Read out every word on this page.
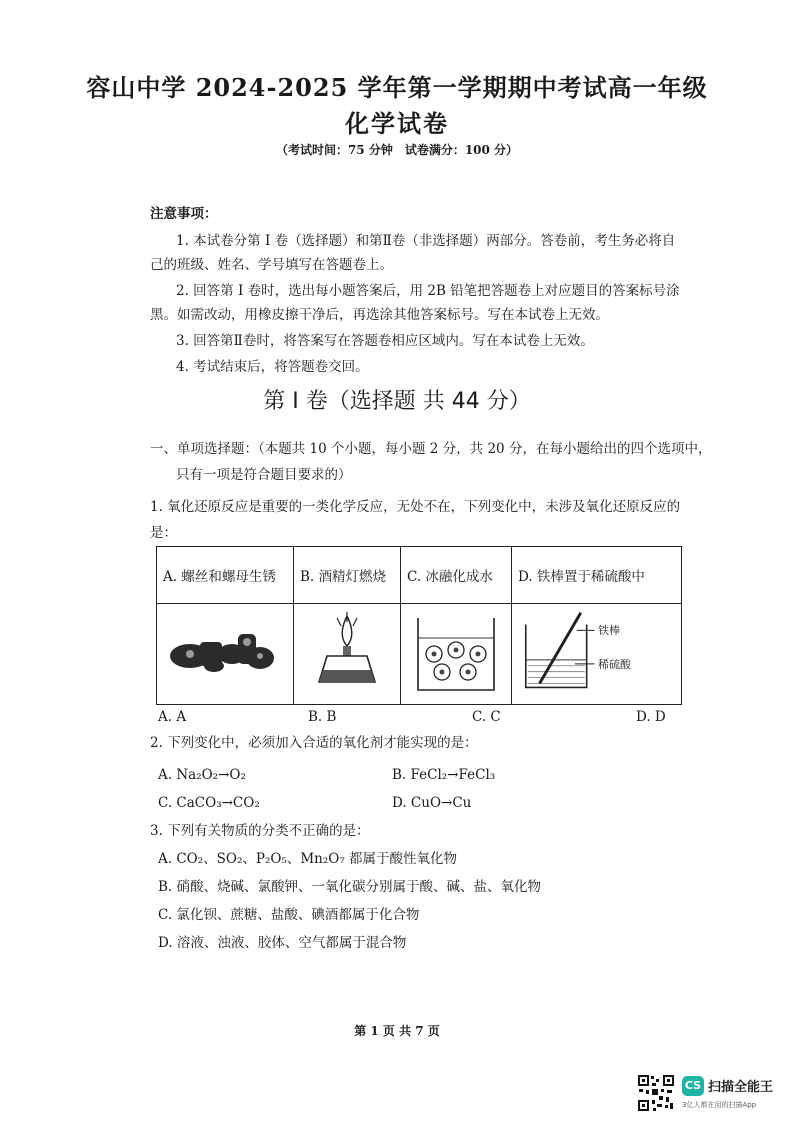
容山中学 2024-2025 学年第一学期期中考试高一年级
化学试卷
（考试时间：75 分钟　试卷满分：100 分）
注意事项：
1. 本试卷分第 I 卷（选择题）和第Ⅱ卷（非选择题）两部分。答卷前，考生务必将自
己的班级、姓名、学号填写在答题卷上。
2. 回答第 I 卷时，选出每小题答案后，用 2B 铅笔把答题卷上对应题目的答案标号涂
黑。如需改动，用橡皮擦干净后，再选涂其他答案标号。写在本试卷上无效。
3. 回答第Ⅱ卷时，将答案写在答题卷相应区域内。写在本试卷上无效。
4. 考试结束后，将答题卷交回。
第 I 卷（选择题 共 44 分）
一、单项选择题：（本题共 10 个小题，每小题 2 分，共 20 分，在每小题给出的四个选项中，
只有一项是符合题目要求的）
1. 氧化还原反应是重要的一类化学反应，无处不在，下列变化中，未涉及氧化还原反应的
是：
A. 螺丝和螺母生锈	B. 酒精灯燃烧	C. 冰融化成水	D. 铁棒置于稀硫酸中

铁棒
稀硫酸
A. A	B. B	C. C	D. D
2. 下列变化中，必须加入合适的氧化剂才能实现的是：
A. Na₂O₂→O₂	B. FeCl₂→FeCl₃
C. CaCO₃→CO₂	D. CuO→Cu
3. 下列有关物质的分类不正确的是：
A. CO₂、SO₂、P₂O₅、Mn₂O₇ 都属于酸性氧化物
B. 硝酸、烧碱、氯酸钾、一氧化碳分别属于酸、碱、盐、氧化物
C. 氯化钡、蔗糖、盐酸、碘酒都属于化合物
D. 溶液、浊液、胶体、空气都属于混合物
第 1 页 共 7 页
CS 扫描全能王
3亿人都在用的扫描App
